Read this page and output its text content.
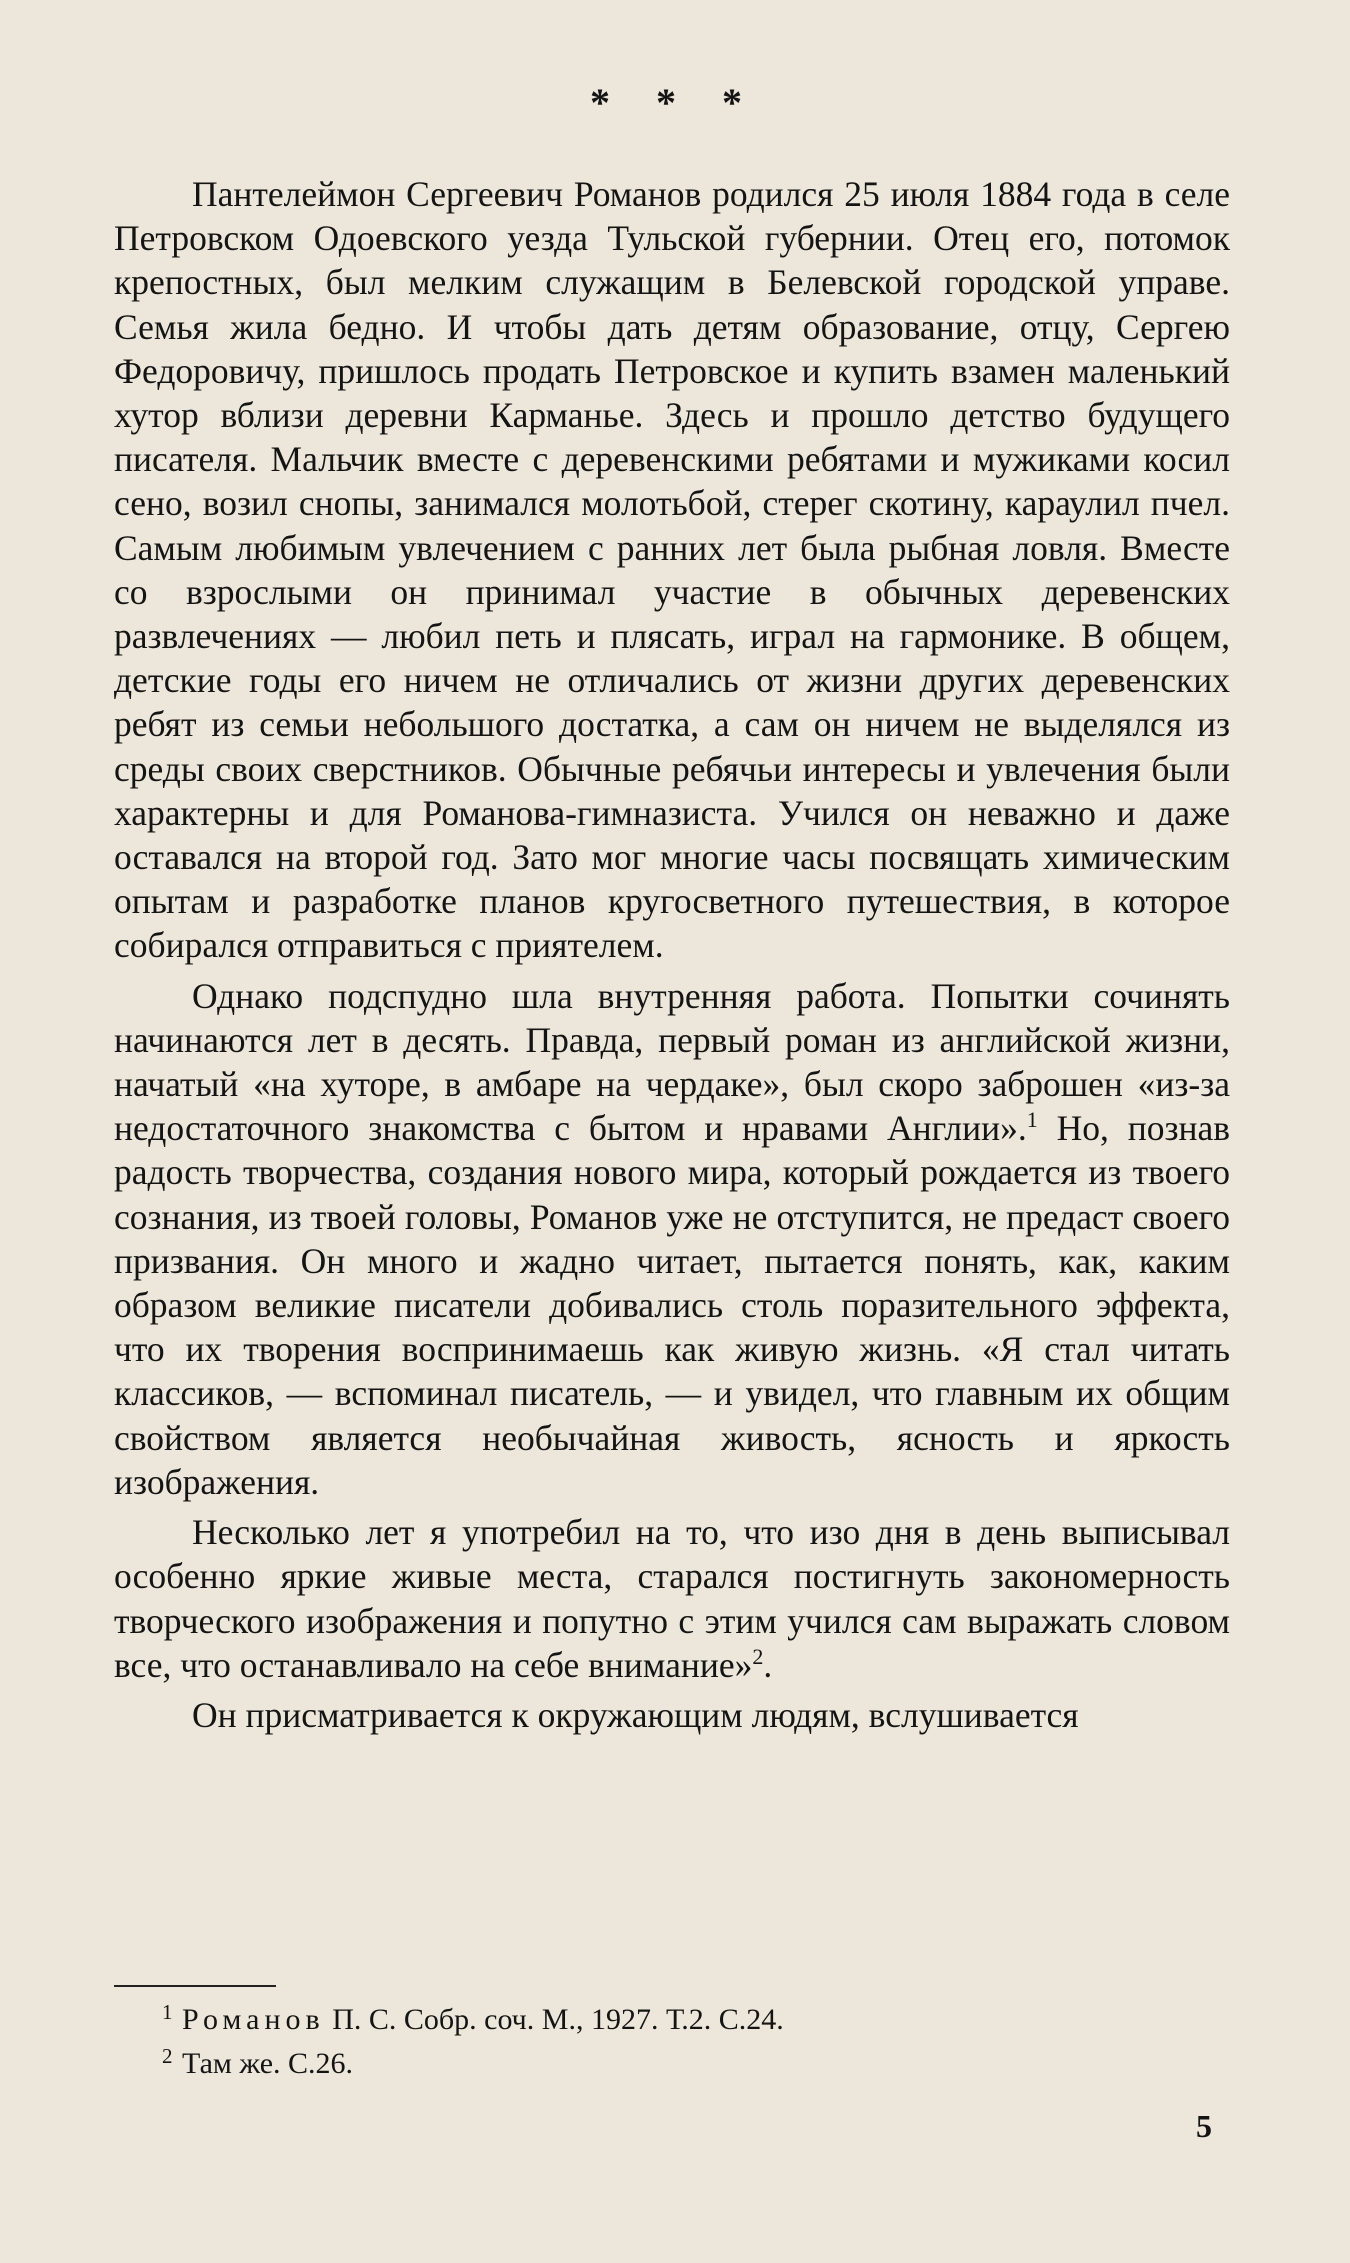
* * *

Пантелеймон Сергеевич Романов родился 25 июля 1884 года в селе Петровском Одоевского уезда Тульской губернии. Отец его, потомок крепостных, был мелким служащим в Белевской городской управе. Семья жила бедно. И чтобы дать детям образование, отцу, Сергею Федоровичу, пришлось продать Петровское и купить взамен маленький хутор вблизи деревни Карманье. Здесь и прошло детство будущего писателя. Мальчик вместе с деревенскими ребятами и мужиками косил сено, возил снопы, занимался молотьбой, стерег скотину, караулил пчел. Самым любимым увлечением с ранних лет была рыбная ловля. Вместе со взрослыми он принимал участие в обычных деревенских развлечениях — любил петь и плясать, играл на гармонике. В общем, детские годы его ничем не отличались от жизни других деревенских ребят из семьи небольшого достатка, а сам он ничем не выделялся из среды своих сверстников. Обычные ребячьи интересы и увлечения были характерны и для Романова-гимназиста. Учился он неважно и даже оставался на второй год. Зато мог многие часы посвящать химическим опытам и разработке планов кругосветного путешествия, в которое собирался отправиться с приятелем.

Однако подспудно шла внутренняя работа. Попытки сочинять начинаются лет в десять. Правда, первый роман из английской жизни, начатый «на хуторе, в амбаре на чердаке», был скоро заброшен «из-за недостаточного знакомства с бытом и нравами Англии».$^1$ Но, познав радость творчества, создания нового мира, который рождается из твоего сознания, из твоей головы, Романов уже не отступится, не предаст своего призвания. Он много и жадно читает, пытается понять, как, каким образом великие писатели добивались столь поразительного эффекта, что их творения воспринимаешь как живую жизнь. «Я стал читать классиков, — вспоминал писатель, — и увидел, что главным их общим свойством является необычайная живость, ясность и яркость изображения.

Несколько лет я употребил на то, что изо дня в день выписывал особенно яркие живые места, старался постигнуть закономерность творческого изображения и попутно с этим учился сам выражать словом все, что останавливало на себе внимание»$^2$.

Он присматривается к окружающим людям, вслушивается

1 Романов П. С. Собр. соч. М., 1927. Т.2. С.24.
2 Там же. С.26.
5
